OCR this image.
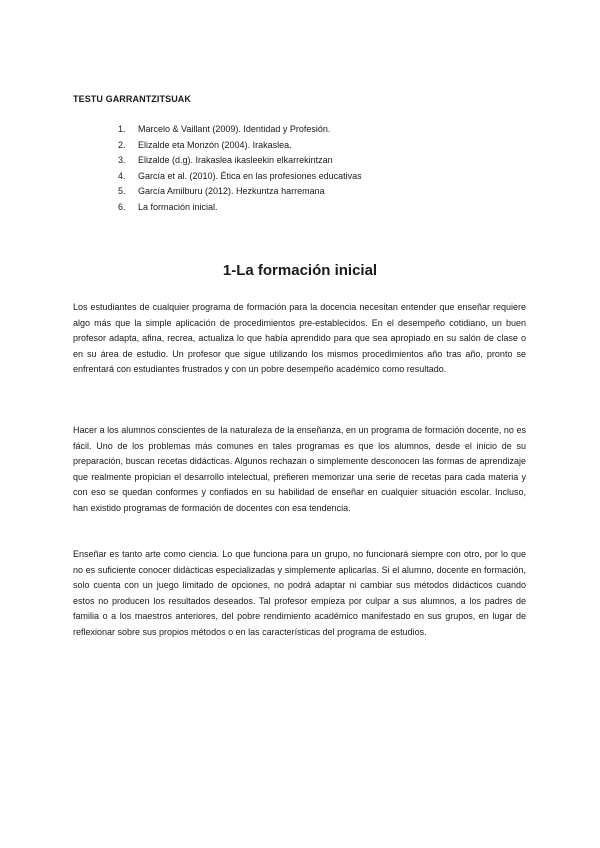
TESTU GARRANTZITSUAK
1.	Marcelo & Vaillant (2009). Identidad y Profesión.
2.	Elizalde eta Monzón (2004). Irakaslea.
3.	Elizalde (d.g). Irakaslea ikasleekin elkarrekintzan
4.	García et al. (2010). Ética en las profesiones educativas
5.	García Amilburu (2012). Hezkuntza harremana
6.	La formación inicial.
1-La formación inicial

Los estudiantes de cualquier programa de formación para la docencia necesitan entender que enseñar requiere algo más que la simple aplicación de procedimientos pre-establecidos. En el desempeño cotidiano, un buen profesor adapta, afina, recrea, actualiza lo que había aprendido para que sea apropiado en su salón de clase o en su área de estudio. Un profesor que sigue utilizando los mismos procedimientos año tras año, pronto se enfrentará con estudiantes frustrados y con un pobre desempeño académico como resultado.

Hacer a los alumnos conscientes de la naturaleza de la enseñanza, en un programa de formación docente, no es fácil. Uno de los problemas más comunes en tales programas es que los alumnos, desde el inicio de su preparación, buscan recetas didácticas. Algunos rechazan o simplemente desconocen las formas de aprendizaje que realmente propician el desarrollo intelectual, prefieren memorizar una serie de recetas para cada materia y con eso se quedan conformes y confiados en su habilidad de enseñar en cualquier situación escolar. Incluso, han existido programas de formación de docentes con esa tendencia.

Enseñar es tanto arte como ciencia. Lo que funciona para un grupo, no funcionará siempre con otro, por lo que no es suficiente conocer didácticas especializadas y simplemente aplicarlas. Si el alumno, docente en formación, solo cuenta con un juego limitado de opciones, no podrá adaptar ni cambiar sus métodos didácticos cuando estos no producen los resultados deseados. Tal profesor empieza por culpar a sus alumnos, a los padres de familia o a los maestros anteriores, del pobre rendimiento académico manifestado en sus grupos, en lugar de reflexionar sobre sus propios métodos o en las características del programa de estudios.
